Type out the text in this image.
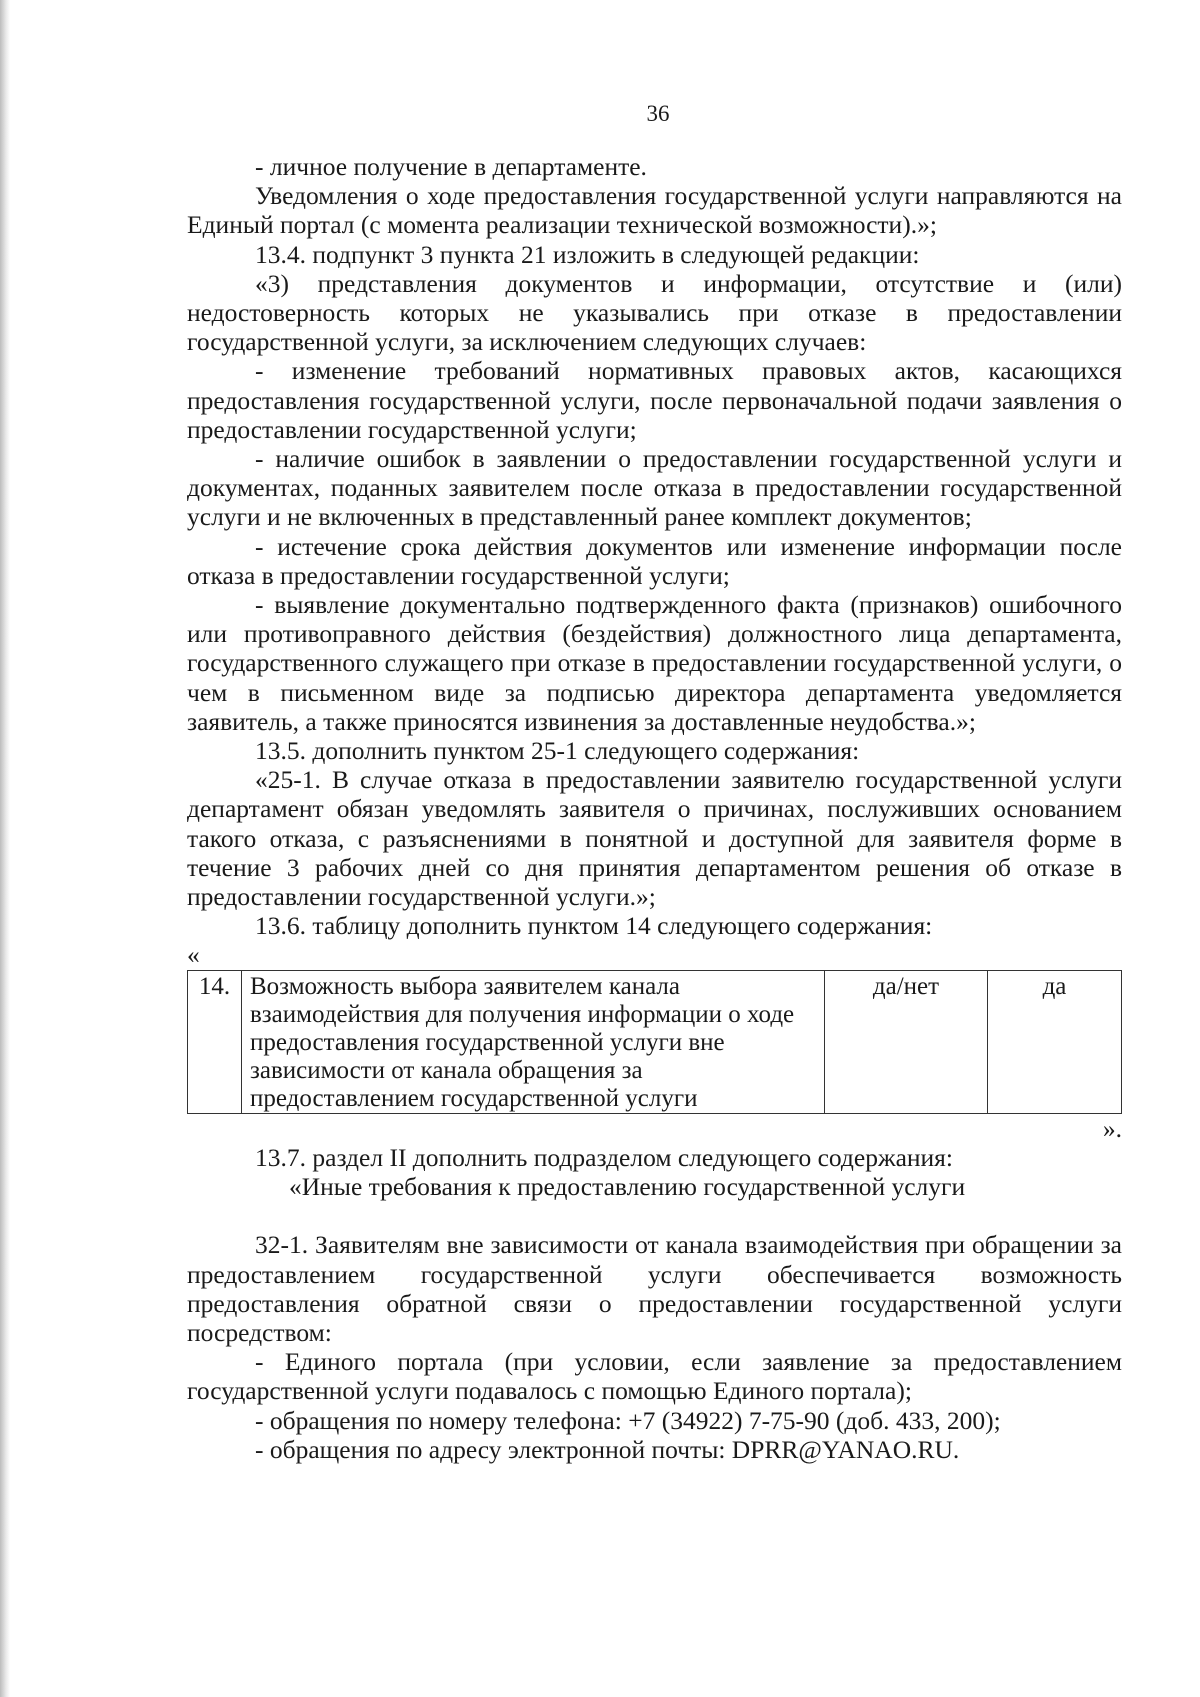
36

- личное получение в департаменте.

Уведомления о ходе предоставления государственной услуги направляются на Единый портал (с момента реализации технической возможности).»;

13.4. подпункт 3 пункта 21 изложить в следующей редакции:

«3) представления документов и информации, отсутствие и (или) недостоверность которых не указывались при отказе в предоставлении государственной услуги, за исключением следующих случаев:

- изменение требований нормативных правовых актов, касающихся предоставления государственной услуги, после первоначальной подачи заявления о предоставлении государственной услуги;

- наличие ошибок в заявлении о предоставлении государственной услуги и документах, поданных заявителем после отказа в предоставлении государственной услуги и не включенных в представленный ранее комплект документов;

- истечение срока действия документов или изменение информации после отказа в предоставлении государственной услуги;

- выявление документально подтвержденного факта (признаков) ошибочного или противоправного действия (бездействия) должностного лица департамента, государственного служащего при отказе в предоставлении государственной услуги, о чем в письменном виде за подписью директора департамента уведомляется заявитель, а также приносятся извинения за доставленные неудобства.»;

13.5. дополнить пунктом 25-1 следующего содержания:

«25-1. В случае отказа в предоставлении заявителю государственной услуги департамент обязан уведомлять заявителя о причинах, послуживших основанием такого отказа, с разъяснениями в понятной и доступной для заявителя форме в течение 3 рабочих дней со дня принятия департаментом решения об отказе в предоставлении государственной услуги.»;

13.6. таблицу дополнить пунктом 14 следующего содержания:

«

14.	Возможность выбора заявителем канала взаимодействия для получения информации о ходе предоставления государственной услуги вне зависимости от канала обращения за предоставлением государственной услуги	да/нет	да

».

13.7. раздел II дополнить подразделом следующего содержания:

«Иные требования к предоставлению государственной услуги

32-1. Заявителям вне зависимости от канала взаимодействия при обращении за предоставлением государственной услуги обеспечивается возможность предоставления обратной связи о предоставлении государственной услуги посредством:

- Единого портала (при условии, если заявление за предоставлением государственной услуги подавалось с помощью Единого портала);

- обращения по номеру телефона: +7 (34922) 7-75-90 (доб. 433, 200);

- обращения по адресу электронной почты: DPRR@YANAO.RU.
